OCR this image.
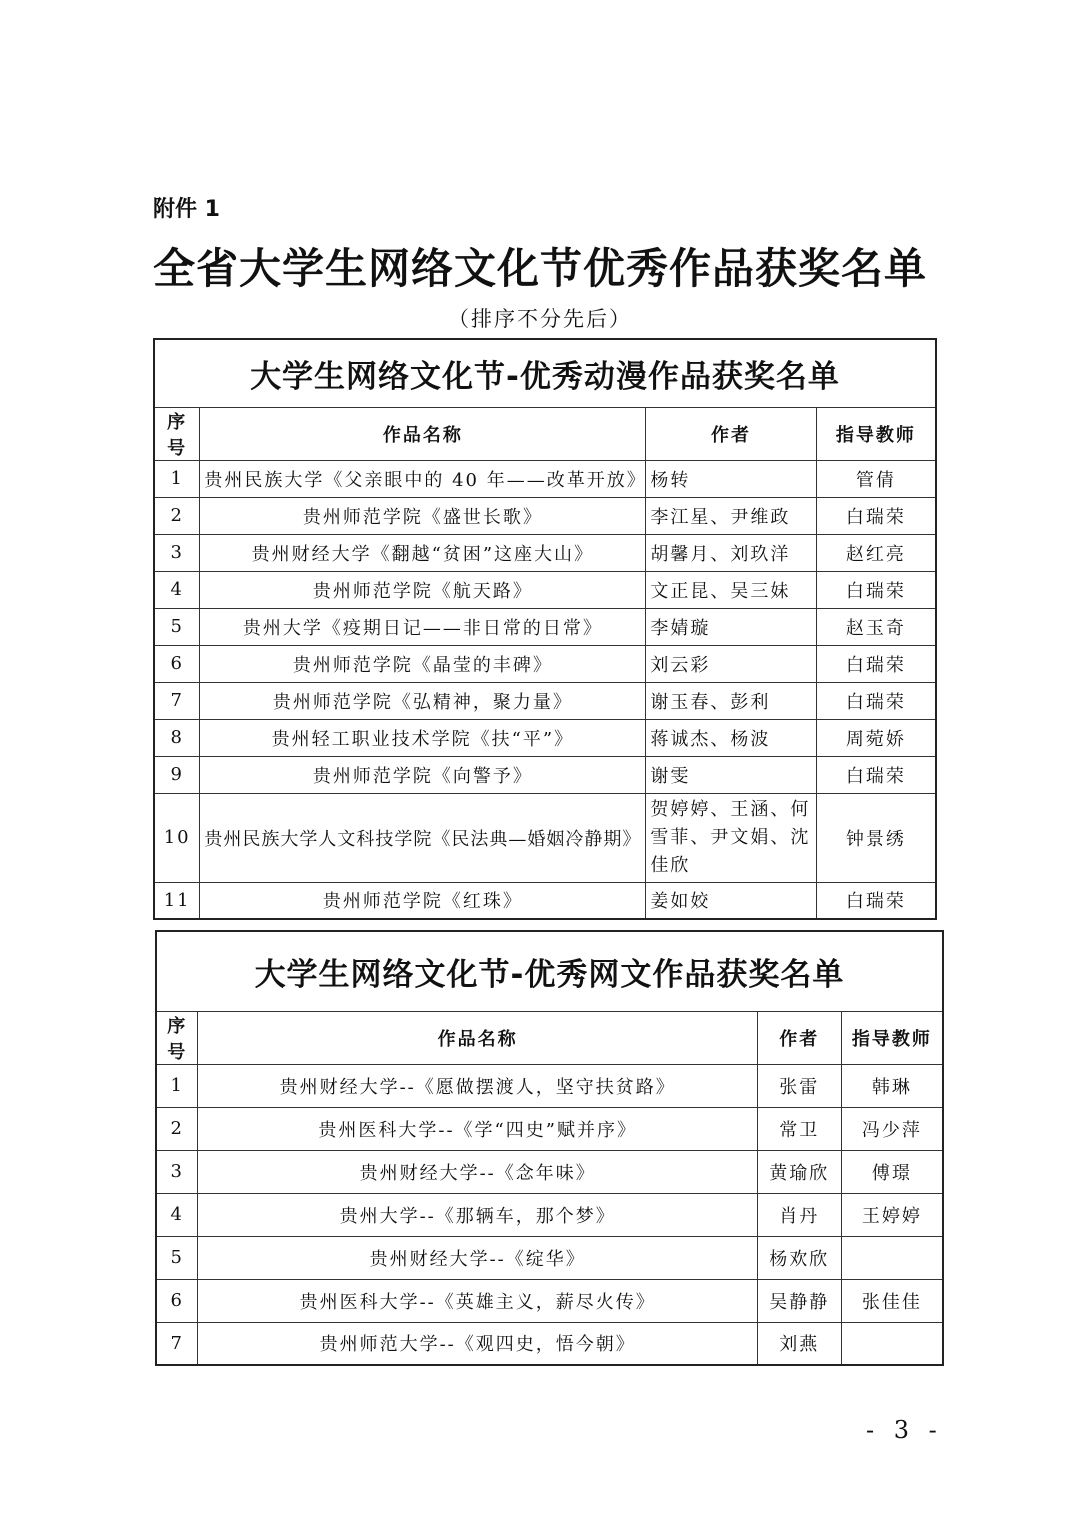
附件 1
全省大学生网络文化节优秀作品获奖名单
（排序不分先后）
大学生网络文化节-优秀动漫作品获奖名单			
序号	作品名称	作者	指导教师
1	贵州民族大学《父亲眼中的 40 年——改革开放》	杨转	管倩
2	贵州师范学院《盛世长歌》	李江星、尹维政	白瑞荣
3	贵州财经大学《翻越“贫困”这座大山》	胡馨月、刘玖洋	赵红亮
4	贵州师范学院《航天路》	文正昆、吴三妹	白瑞荣
5	贵州大学《疫期日记——非日常的日常》	李婧璇	赵玉奇
6	贵州师范学院《晶莹的丰碑》	刘云彩	白瑞荣
7	贵州师范学院《弘精神，聚力量》	谢玉春、彭利	白瑞荣
8	贵州轻工职业技术学院《扶“平”》	蒋诚杰、杨波	周菀娇
9	贵州师范学院《向警予》	谢雯	白瑞荣
10	贵州民族大学人文科技学院《民法典—婚姻冷静期》	贺婷婷、王涵、何雪菲、尹文娟、沈佳欣	钟景绣
11	贵州师范学院《红珠》	姜如姣	白瑞荣
大学生网络文化节-优秀网文作品获奖名单			
序号	作品名称	作者	指导教师
1	贵州财经大学--《愿做摆渡人，坚守扶贫路》	张雷	韩琳
2	贵州医科大学--《学“四史”赋并序》	常卫	冯少萍
3	贵州财经大学--《念年味》	黄瑜欣	傅璟
4	贵州大学--《那辆车，那个梦》	肖丹	王婷婷
5	贵州财经大学--《绽华》	杨欢欣	
6	贵州医科大学--《英雄主义，薪尽火传》	吴静静	张佳佳
7	贵州师范大学--《观四史，悟今朝》	刘燕	
- 3 -
